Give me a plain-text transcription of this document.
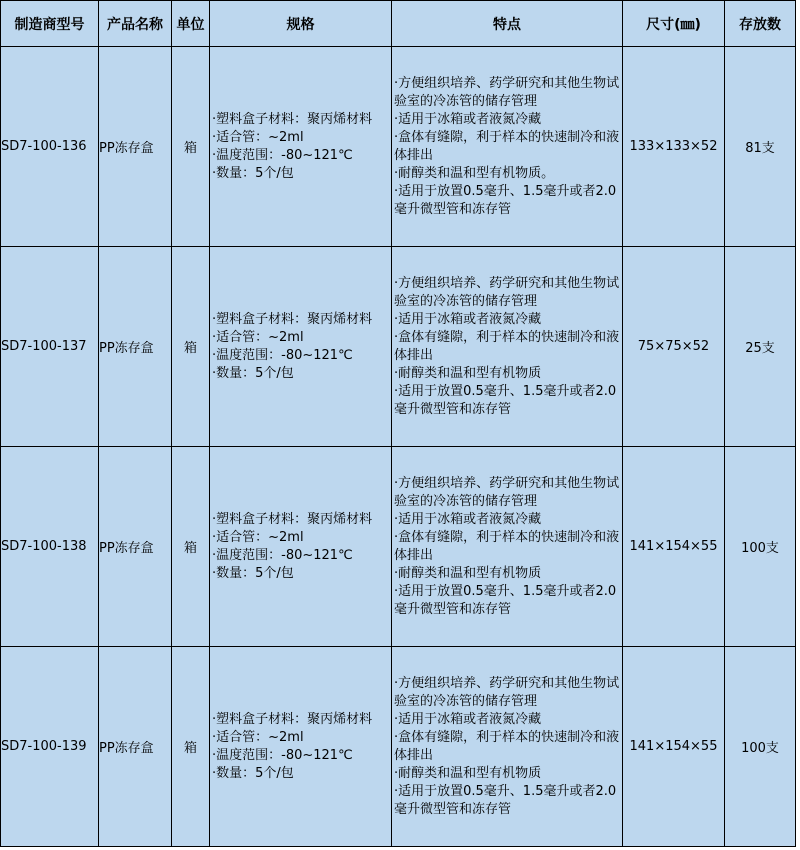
制造商型号	产品名称	单位	规格	特点	尺寸(㎜)	存放数
SD7-100-136	PP冻存盒	箱	·塑料盒子材料：聚丙烯材料
·适合管：~2ml
·温度范围：-80~121℃
·数量：5个/包	·方便组织培养、药学研究和其他生物试验室的冷冻管的储存管理
·适用于冰箱或者液氮冷藏
·盒体有缝隙，利于样本的快速制冷和液体排出
·耐醇类和温和型有机物质。
·适用于放置0.5毫升、1.5毫升或者2.0毫升微型管和冻存管	133×133×52	81支
SD7-100-137	PP冻存盒	箱	·塑料盒子材料：聚丙烯材料
·适合管：~2ml
·温度范围：-80~121℃
·数量：5个/包	·方便组织培养、药学研究和其他生物试验室的冷冻管的储存管理
·适用于冰箱或者液氮冷藏
·盒体有缝隙，利于样本的快速制冷和液体排出
·耐醇类和温和型有机物质
·适用于放置0.5毫升、1.5毫升或者2.0毫升微型管和冻存管	75×75×52	25支
SD7-100-138	PP冻存盒	箱	·塑料盒子材料：聚丙烯材料
·适合管：~2ml
·温度范围：-80~121℃
·数量：5个/包	·方便组织培养、药学研究和其他生物试验室的冷冻管的储存管理
·适用于冰箱或者液氮冷藏
·盒体有缝隙，利于样本的快速制冷和液体排出
·耐醇类和温和型有机物质
·适用于放置0.5毫升、1.5毫升或者2.0毫升微型管和冻存管	141×154×55	100支
SD7-100-139	PP冻存盒	箱	·塑料盒子材料：聚丙烯材料
·适合管：~2ml
·温度范围：-80~121℃
·数量：5个/包	·方便组织培养、药学研究和其他生物试验室的冷冻管的储存管理
·适用于冰箱或者液氮冷藏
·盒体有缝隙，利于样本的快速制冷和液体排出
·耐醇类和温和型有机物质
·适用于放置0.5毫升、1.5毫升或者2.0毫升微型管和冻存管	141×154×55	100支
